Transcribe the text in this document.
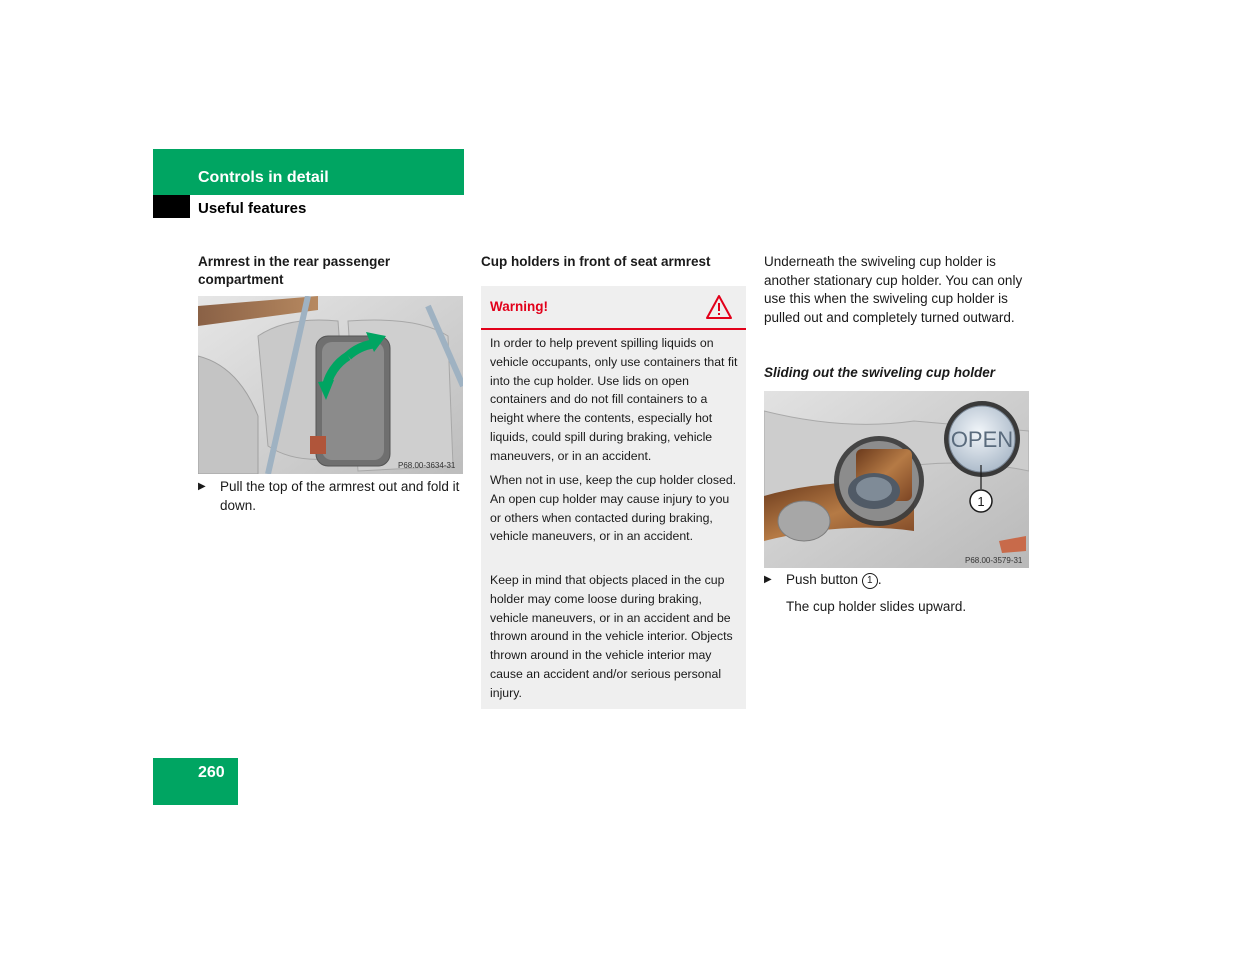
Controls in detail
Useful features
Armrest in the rear passenger compartment
P68.00-3634-31
▶	Pull the top of the armrest out and fold it down.
Cup holders in front of seat armrest
Warning!
In order to help prevent spilling liquids on vehicle occupants, only use containers that fit into the cup holder. Use lids on open containers and do not fill containers to a height where the contents, especially hot liquids, could spill during braking, vehicle maneuvers, or in an accident.
When not in use, keep the cup holder closed. An open cup holder may cause injury to you or others when contacted during braking, vehicle maneuvers, or in an accident.
Keep in mind that objects placed in the cup holder may come loose during braking, vehicle maneuvers, or in an accident and be thrown around in the vehicle interior. Objects thrown around in the vehicle interior may cause an accident and/or serious personal injury.
Underneath the swiveling cup holder is another stationary cup holder. You can only use this when the swiveling cup holder is pulled out and completely turned outward.
Sliding out the swiveling cup holder
OPEN
1
P68.00-3579-31
▶	Push button 1 .
The cup holder slides upward.
260
